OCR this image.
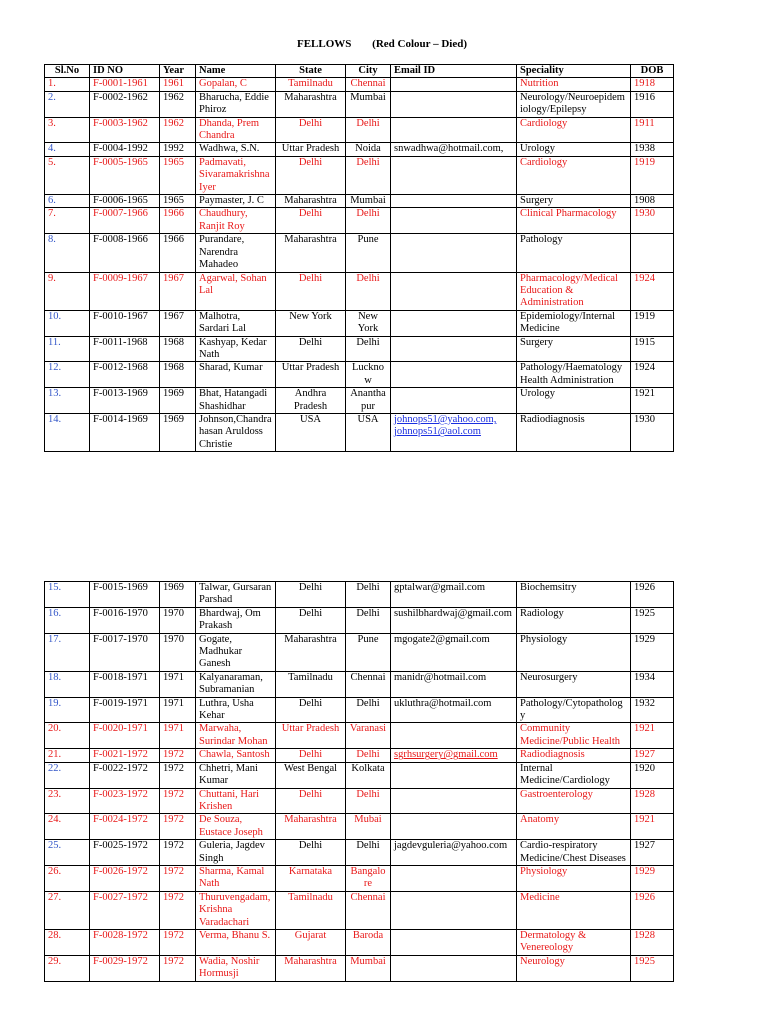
FELLOWS (Red Colour – Died)
Sl.No	ID NO	Year	Name	State	City	Email ID	Speciality	DOB
1.	F-0001-1961	1961	Gopalan, C	Tamilnadu	Chennai		Nutrition	1918
2.	F-0002-1962	1962	Bharucha, Eddie Phiroz	Maharashtra	Mumbai		Neurology/Neuroepidemiology/Epilepsy	1916
3.	F-0003-1962	1962	Dhanda, Prem Chandra	Delhi	Delhi		Cardiology	1911
4.	F-0004-1992	1992	Wadhwa, S.N.	Uttar Pradesh	Noida	snwadhwa@hotmail.com,	Urology	1938
5.	F-0005-1965	1965	Padmavati, Sivaramakrishna Iyer	Delhi	Delhi		Cardiology	1919
6.	F-0006-1965	1965	Paymaster, J. C	Maharashtra	Mumbai		Surgery	1908
7.	F-0007-1966	1966	Chaudhury, Ranjit Roy	Delhi	Delhi		Clinical Pharmacology	1930
8.	F-0008-1966	1966	Purandare, Narendra Mahadeo	Maharashtra	Pune		Pathology	
9.	F-0009-1967	1967	Agarwal, Sohan Lal	Delhi	Delhi		Pharmacology/Medical Education & Administration	1924
10.	F-0010-1967	1967	Malhotra, Sardari Lal	New York	New York		Epidemiology/Internal Medicine	1919
11.	F-0011-1968	1968	Kashyap, Kedar Nath	Delhi	Delhi		Surgery	1915
12.	F-0012-1968	1968	Sharad, Kumar	Uttar Pradesh	Lucknow		Pathology/Haematology Health Administration	1924
13.	F-0013-1969	1969	Bhat, Hatangadi Shashidhar	Andhra Pradesh	Ananthapur		Urology	1921
14.	F-0014-1969	1969	Johnson,Chandrahasan Aruldoss Christie	USA	USA	johnops51@yahoo.com,
johnops51@aol.com	Radiodiagnosis	1930
15.	F-0015-1969	1969	Talwar, Gursaran Parshad	Delhi	Delhi	gptalwar@gmail.com	Biochemsitry	1926
16.	F-0016-1970	1970	Bhardwaj, Om Prakash	Delhi	Delhi	sushilbhardwaj@gmail.com	Radiology	1925
17.	F-0017-1970	1970	Gogate, Madhukar Ganesh	Maharashtra	Pune	mgogate2@gmail.com	Physiology	1929
18.	F-0018-1971	1971	Kalyanaraman, Subramanian	Tamilnadu	Chennai	manidr@hotmail.com	Neurosurgery	1934
19.	F-0019-1971	1971	Luthra, Usha Kehar	Delhi	Delhi	ukluthra@hotmail.com	Pathology/Cytopathology	1932
20.	F-0020-1971	1971	Marwaha, Surindar Mohan	Uttar Pradesh	Varanasi		Community Medicine/Public Health	1921
21.	F-0021-1972	1972	Chawla, Santosh	Delhi	Delhi	sgrhsurgery@gmail.com	Radiodiagnosis	1927
22.	F-0022-1972	1972	Chhetri, Mani Kumar	West Bengal	Kolkata		Internal Medicine/Cardiology	1920
23.	F-0023-1972	1972	Chuttani, Hari Krishen	Delhi	Delhi		Gastroenterology	1928
24.	F-0024-1972	1972	De Souza, Eustace Joseph	Maharashtra	Mubai		Anatomy	1921
25.	F-0025-1972	1972	Guleria, Jagdev Singh	Delhi	Delhi	jagdevguleria@yahoo.com	Cardio-respiratory Medicine/Chest Diseases	1927
26.	F-0026-1972	1972	Sharma, Kamal Nath	Karnataka	Bangalore		Physiology	1929
27.	F-0027-1972	1972	Thuruvengadam, Krishna Varadachari	Tamilnadu	Chennai		Medicine	1926
28.	F-0028-1972	1972	Verma, Bhanu S.	Gujarat	Baroda		Dermatology & Venereology	1928
29.	F-0029-1972	1972	Wadia, Noshir Hormusji	Maharashtra	Mumbai		Neurology	1925
